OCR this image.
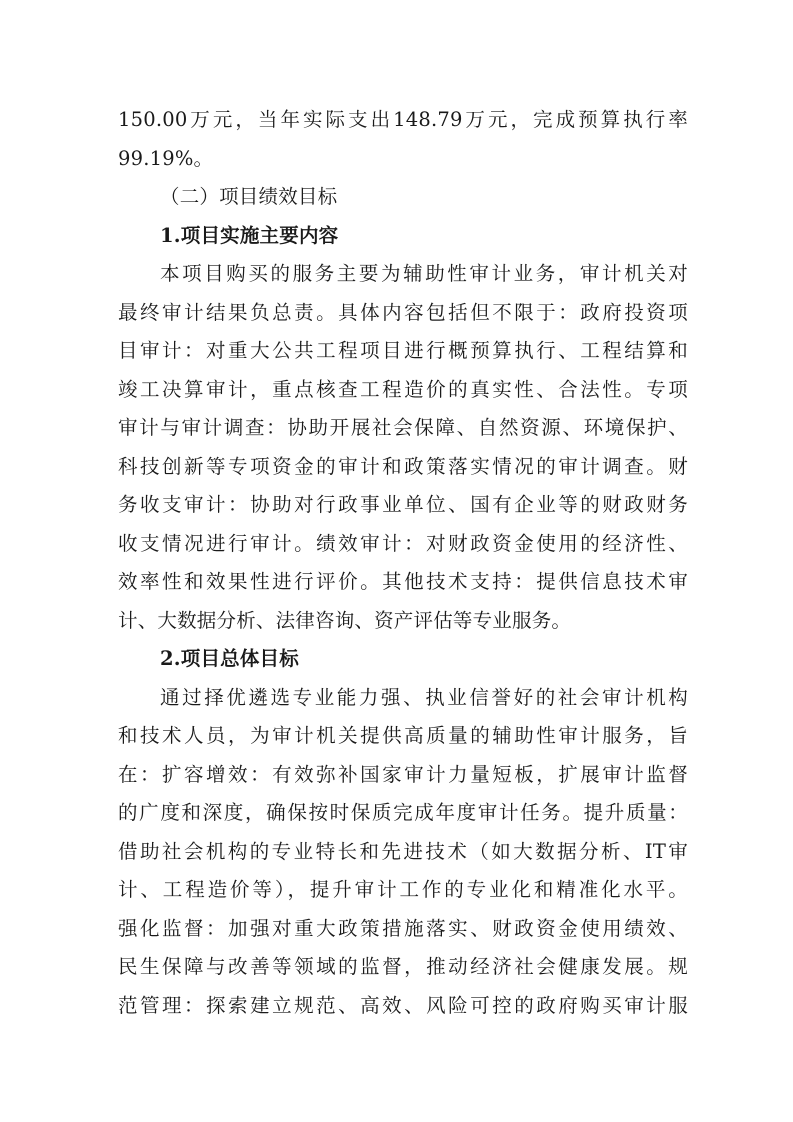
150.00万元，当年实际支出148.79万元，完成预算执行率
99.19%。
（二）项目绩效目标
1.项目实施主要内容
本项目购买的服务主要为辅助性审计业务，审计机关对
最终审计结果负总责。具体内容包括但不限于：政府投资项
目审计：对重大公共工程项目进行概预算执行、工程结算和
竣工决算审计，重点核查工程造价的真实性、合法性。专项
审计与审计调查：协助开展社会保障、自然资源、环境保护、
科技创新等专项资金的审计和政策落实情况的审计调查。财
务收支审计：协助对行政事业单位、国有企业等的财政财务
收支情况进行审计。绩效审计：对财政资金使用的经济性、
效率性和效果性进行评价。其他技术支持：提供信息技术审
计、大数据分析、法律咨询、资产评估等专业服务。
2.项目总体目标
通过择优遴选专业能力强、执业信誉好的社会审计机构
和技术人员，为审计机关提供高质量的辅助性审计服务，旨
在：扩容增效：有效弥补国家审计力量短板，扩展审计监督
的广度和深度，确保按时保质完成年度审计任务。提升质量：
借助社会机构的专业特长和先进技术（如大数据分析、IT审
计、工程造价等），提升审计工作的专业化和精准化水平。
强化监督：加强对重大政策措施落实、财政资金使用绩效、
民生保障与改善等领域的监督，推动经济社会健康发展。规
范管理：探索建立规范、高效、风险可控的政府购买审计服
